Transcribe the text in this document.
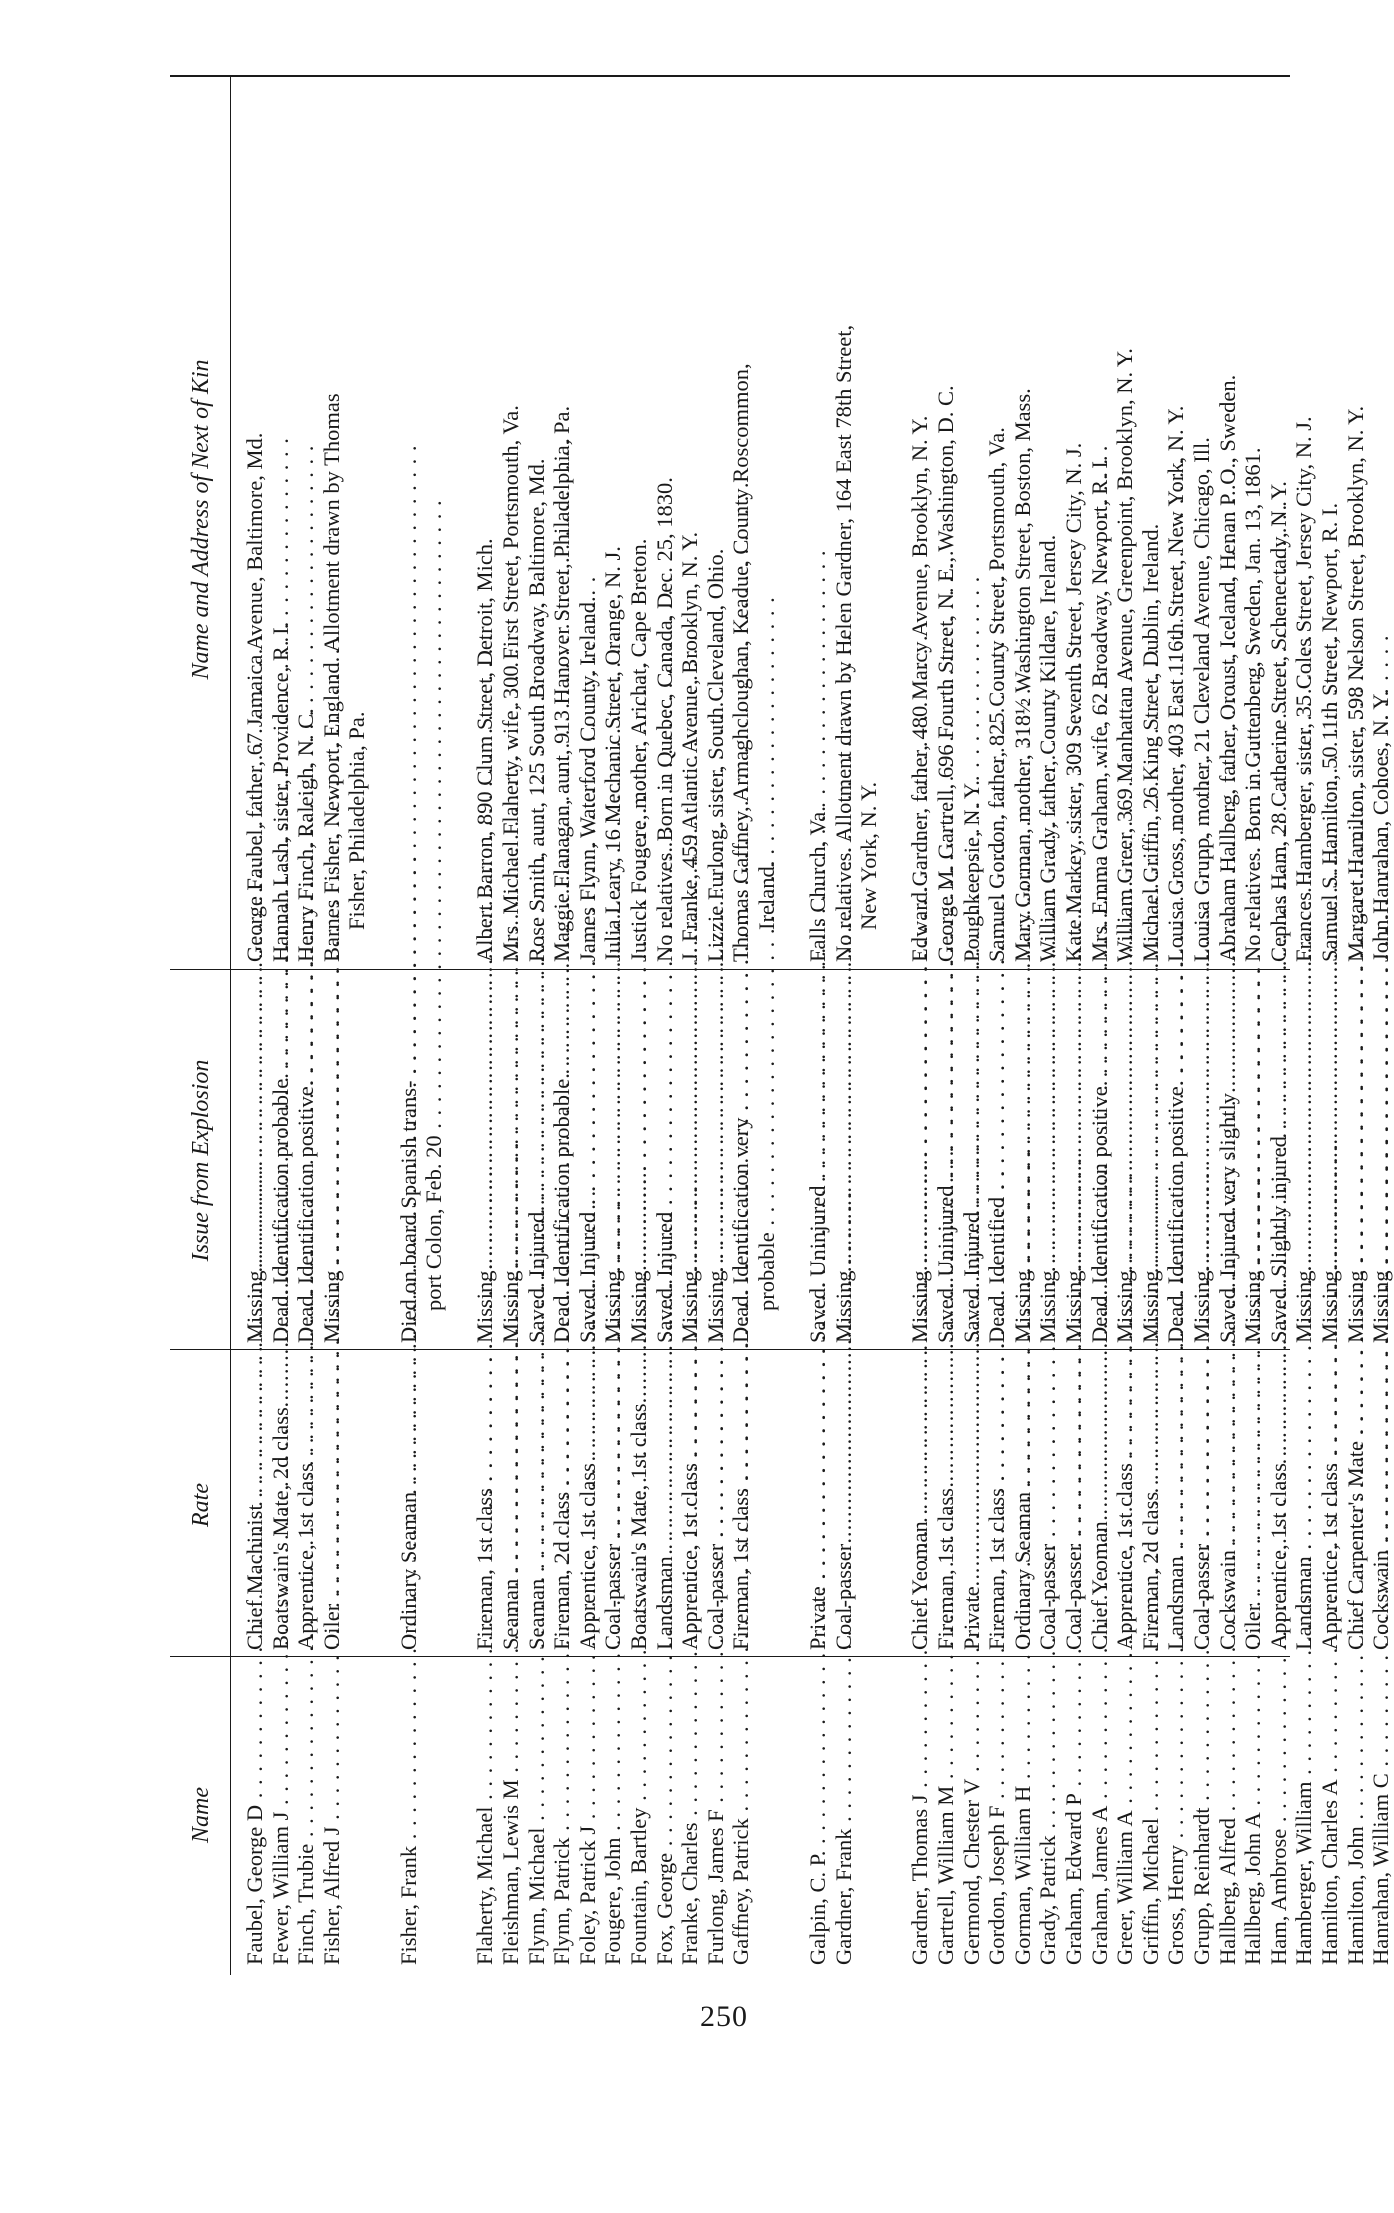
250
Name
Rate
Issue from Explosion
Name and Address of Next of Kin
Faubel, George D . . . Fewer, William J . . . Finch, Trubie . . . Fisher, Alfred J . . . Fisher, Frank . . . Flaherty, Michael . . . Fleishman, Lewis M . . . Flynn, Michael . . . Flynn, Patrick . . . Foley, Patrick J . . . Fougere, John . . . Fountain, Bartley . . . Fox, George . . . Franke, Charles . . . Furlong, James F . . . Gaffney, Patrick . . . Galpin, C. P. . . . Gardner, Frank . . . Gardner, Thomas J . . . Gartrell, William M . . . Germond, Chester V . . . Gordon, Joseph F . . . Gorman, William H . . . Grady, Patrick . . . Graham, Edward P . . . Graham, James A . . . Greer, William A . . . Griffin, Michael . . . Gross, Henry . . . Grupp, Reinhardt . . . Hallberg, Alfred . . . Hallberg, John A . . . Ham, Ambrose . . . Hamberger, William . . . Hamilton, Charles A . . . Hamilton, John . . . Hanrahan, William C . . .
Chief Machinist . . . Boatswain's Mate, 2d class . . . Apprentice, 1st class . . . Oiler . . . Ordinary Seaman . . . Fireman, 1st class . . . Seaman . . . Seaman . . . Fireman, 2d class . . . Apprentice, 1st class . . . Coal-passer . . . Boatswain's Mate, 1st class . . . Landsman . . . Apprentice, 1st class . . . Coal-passer . . . Fireman, 1st class . . . Private . . . Coal-passer . . . Chief Yeoman . . . Fireman, 1st class . . . Private . . . Fireman, 1st class . . . Ordinary Seaman . . . Coal-passer . . . Coal-passer . . . Chief Yeoman . . . Apprentice, 1st class . . . Fireman, 2d class . . . Landsman . . . Coal-passer . . . Cockswain . . . Oiler . . . Apprentice, 1st class . . . Landsman . . . Apprentice, 1st class . . . Chief Carpenter's Mate . . . Cockswain . . .
Missing . . . Dead. Identification probable. . . . Dead. Identification positive. . . . Missing . . . Died on board Spanish trans- . . . port Colon, Feb. 20 . . . Missing . . . Missing . . . Saved. Injured . . . Dead. Identification probable. . . . Saved. Injured . . . Missing . . . Missing . . . Saved. Injured . . . Missing . . . Missing . . . Dead. Identification very . . . probable . . . Saved. Uninjured . . . Missing . . . Missing . . . Saved. Uninjured . . . Saved. Injured . . . Dead. Identified . . . Missing . . . Missing . . . Missing . . . Dead. Identification positive. . . . Missing . . . Missing . . . Dead. Identification positive. . . . Missing . . . Saved. Injured very slightly . . . Missing . . . Saved. Slightly injured . . . Missing . . . Missing . . . Missing . . . Missing . . .
George Faubel, father, 67 Jamaica Avenue, Baltimore, Md. Hannah Lash, sister, Providence, R. I. Henry Finch, Raleigh, N. C. Barnes Fisher, Newport, England. Allotment drawn by Thomas Fisher, Philadelphia, Pa.	Albert Barron, 890 Clum Street, Detroit, Mich. Mrs. Michael Flaherty, wife, 300 First Street, Portsmouth, Va. Rose Smith, aunt, 125 South Broadway, Baltimore, Md. Maggie Flanagan, aunt, 913 Hanover Street, Philadelphia, Pa. James Flynn, Waterford County, Ireland. Julia Leary, 16 Mechanic Street, Orange, N. J. Justick Fougere, mother, Arichat, Cape Breton. No relatives. Born in Quebec, Canada, Dec. 25, 1830. J. Franke, 459 Atlantic Avenue, Brooklyn, N. Y. Lizzie Furlong, sister, South Cleveland, Ohio. Thomas Gaffney, Armaghcloughan, Keadue, County Roscommon, Ireland. Falls Church, Va. No relatives. Allotment drawn by Helen Gardner, 164 East 78th Street, New York, N. Y. Edward Gardner, father, 480 Marcy Avenue, Brooklyn, N. Y. George M. Gartrell, 696 Fourth Street, N. E., Washington, D. C. Poughkeepsie, N. Y. Samuel Gordon, father, 825 County Street, Portsmouth, Va. Mary Gorman, mother, 318½ Washington Street, Boston, Mass. William Grady, father, County Kildare, Ireland. Kate Markey, sister, 309 Seventh Street, Jersey City, N. J. Mrs. Emma Graham, wife, 62 Broadway, Newport, R. I. William Greer, 369 Manhattan Avenue, Greenpoint, Brooklyn, N. Y. Michael Griffin, 26 King Street, Dublin, Ireland. Louisa Gross, mother, 403 East 116th Street, New York, N. Y. Louisa Grupp, mother, 21 Cleveland Avenue, Chicago, Ill. Abraham Hallberg, father, Oroust, Iceland, Henan P. O., Sweden. No relatives. Born in Guttenberg, Sweden, Jan. 13, 1861. Cephas Ham, 28 Catherine Street, Schenectady, N. Y. Frances Hamberger, sister, 35 Coles Street, Jersey City, N. J. Samuel S. Hamilton, 50 11th Street, Newport, R. I. Margaret Hamilton, sister, 598 Nelson Street, Brooklyn, N. Y. John Hanrahan, Cohoes, N. Y.
